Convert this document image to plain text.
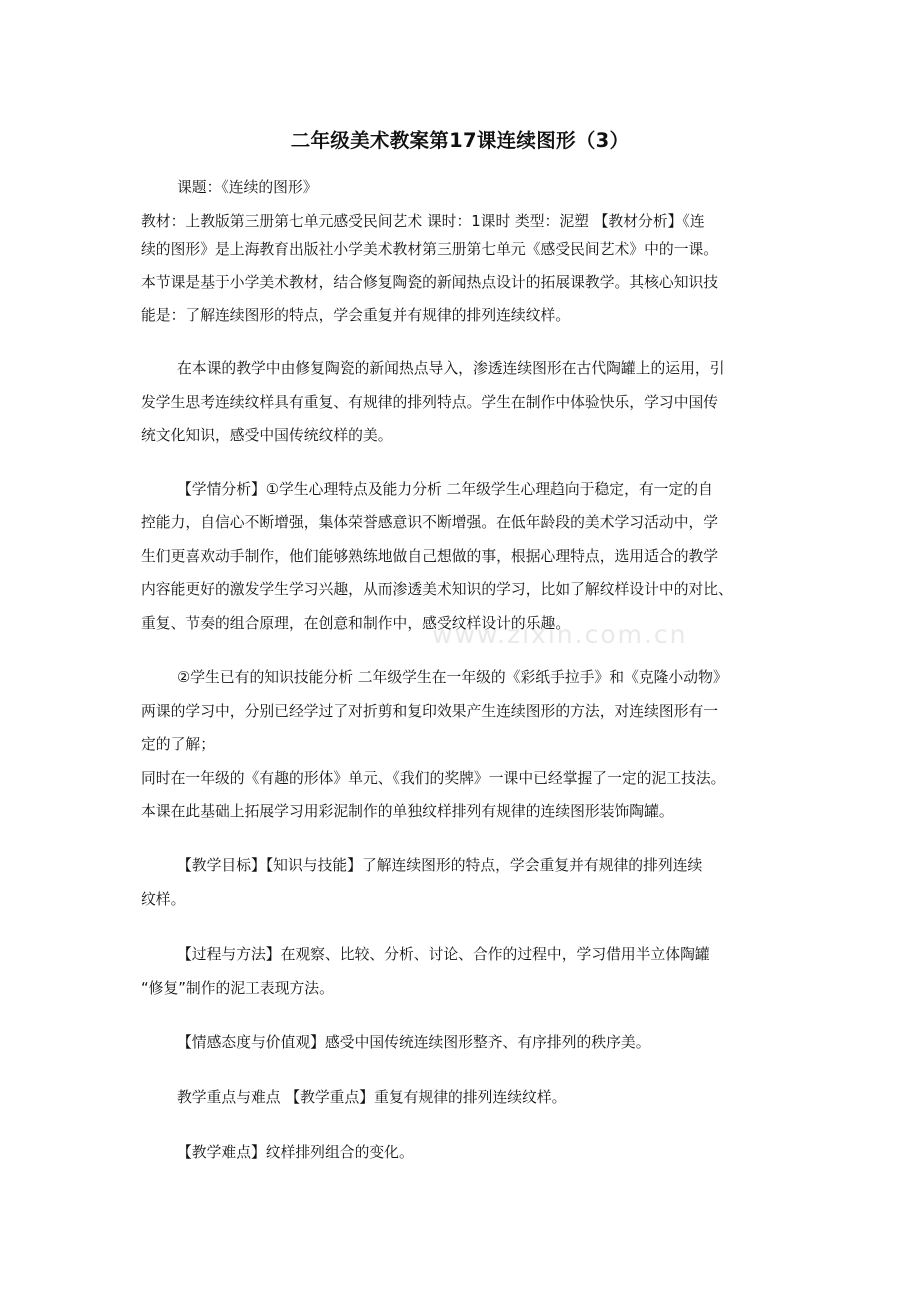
www.zixin.com.cn
二年级美术教案第17课连续图形（3）
课题：《连续的图形》
教材：上教版第三册第七单元感受民间艺术 课时：1课时 类型：泥塑 【教材分析】《连
续的图形》是上海教育出版社小学美术教材第三册第七单元《感受民间艺术》中的一课。
本节课是基于小学美术教材，结合修复陶瓷的新闻热点设计的拓展课教学。其核心知识技
能是：了解连续图形的特点，学会重复并有规律的排列连续纹样。
在本课的教学中由修复陶瓷的新闻热点导入，渗透连续图形在古代陶罐上的运用，引
发学生思考连续纹样具有重复、有规律的排列特点。学生在制作中体验快乐，学习中国传
统文化知识，感受中国传统纹样的美。
【学情分析】①学生心理特点及能力分析 二年级学生心理趋向于稳定，有一定的自
控能力，自信心不断增强，集体荣誉感意识不断增强。在低年龄段的美术学习活动中，学
生们更喜欢动手制作，他们能够熟练地做自己想做的事，根据心理特点，选用适合的教学
内容能更好的激发学生学习兴趣，从而渗透美术知识的学习，比如了解纹样设计中的对比、
重复、节奏的组合原理，在创意和制作中，感受纹样设计的乐趣。
②学生已有的知识技能分析 二年级学生在一年级的《彩纸手拉手》和《克隆小动物》
两课的学习中，分别已经学过了对折剪和复印效果产生连续图形的方法，对连续图形有一
定的了解；
同时在一年级的《有趣的形体》单元、《我们的奖牌》一课中已经掌握了一定的泥工技法。
本课在此基础上拓展学习用彩泥制作的单独纹样排列有规律的连续图形装饰陶罐。
【教学目标】【知识与技能】了解连续图形的特点，学会重复并有规律的排列连续
纹样。
【过程与方法】在观察、比较、分析、讨论、合作的过程中，学习借用半立体陶罐
“修复”制作的泥工表现方法。
【情感态度与价值观】感受中国传统连续图形整齐、有序排列的秩序美。
教学重点与难点 【教学重点】重复有规律的排列连续纹样。
【教学难点】纹样排列组合的变化。
